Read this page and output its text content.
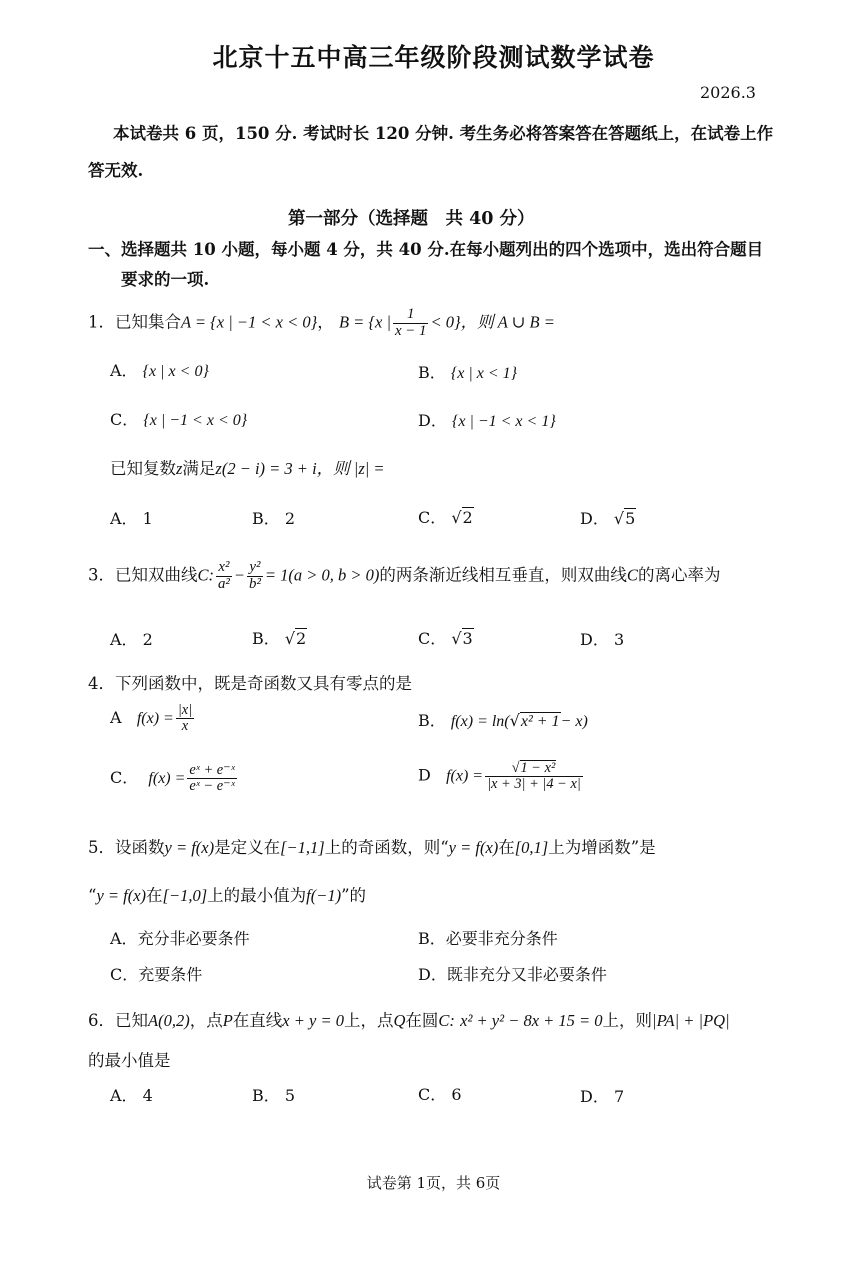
北京十五中高三年级阶段测试数学试卷
2026.3
本试卷共 6 页，150 分. 考试时长 120 分钟. 考生务必将答案答在答题纸上，在试卷上作
答无效.
第一部分（选择题　共 40 分）
一、选择题共 10 小题，每小题 4 分，共 40 分.在每小题列出的四个选项中，选出符合题目
要求的一项.
1．已知集合A = {x | −1 < x < 0}， B = {x | $\frac{1}{x - 1} < 0$}，则 A ∪ B =
A． {x | x < 0}	B． {x | x < 1}
C． {x | −1 < x < 0}	D． {x | −1 < x < 1}
已知复数z满足z(2 − i) = 3 + i，则 |z| =
A． 1	B． 2	C． √2	D． √5
3．已知双曲线C: $\frac{\text{x²}}{\text{a²}} - \frac{\text{y²}}{\text{b²}} = 1(a > 0$, b > 0)的两条渐近线相互垂直，则双曲线C的离心率为
A． 2	B． √2	C． √3	D． 3
4．下列函数中，既是奇函数又具有零点的是
A $f(x) = \frac{|x|}{x}$	B． f(x) = ln(√x² + 1− x)
C． $f(x) = \frac{\text{eˣ + e⁻ˣ}}{\text{eˣ − e⁻ˣ}}$	D $f(x) = \frac{\text{√1 − x²}}{|x + 3| + |4 - x|}$
5．设函数y = f(x)是定义在[−1,1]上的奇函数，则“y = f(x)在[0,1]上为增函数”是
“y = f(x)在[−1,0]上的最小值为f(−1)”的
A．充分非必要条件	B．必要非充分条件
C．充要条件	D．既非充分又非必要条件
6．已知A(0,2)，点P在直线x + y = 0上，点Q在圆C: x² + y² − 8x + 15 = 0上，则|PA| + |PQ|
的最小值是
A． 4	B． 5	C． 6	D． 7
试卷第 1页，共 6页
